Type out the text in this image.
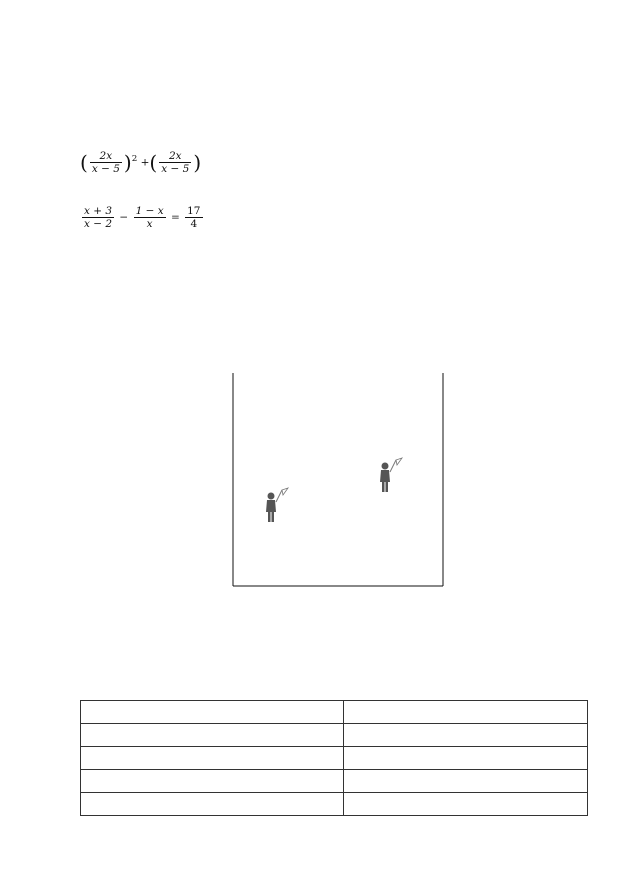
( $\frac{2x}{x - 5} )^2$ +( $\frac{2x}{x - 5}$ )
$\frac{x + 3}{x - 2} - \frac{1 - x}{x} = \frac{17}{4}$
